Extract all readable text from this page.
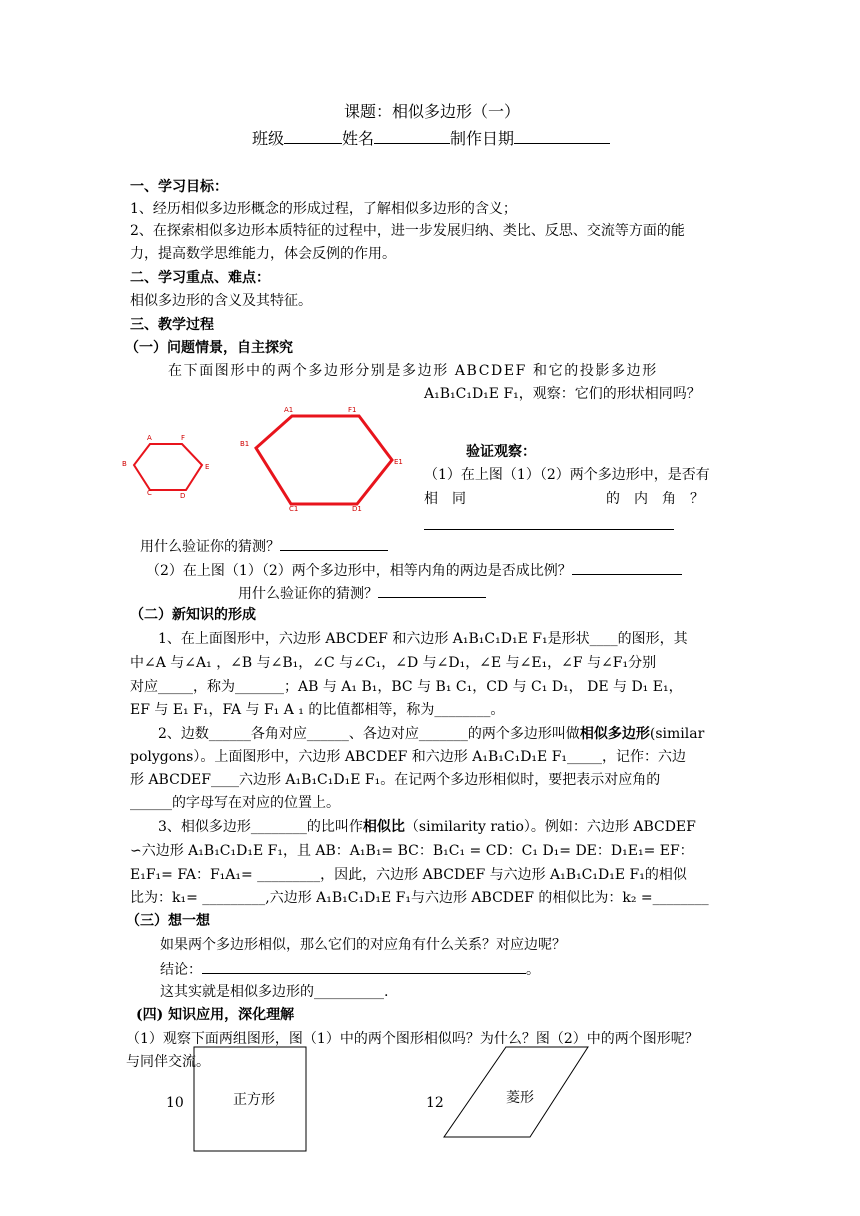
课题：相似多边形（一）
班级	姓名	制作日期
一、学习目标：
1、经历相似多边形概念的形成过程，了解相似多边形的含义；
2、在探索相似多边形本质特征的过程中，进一步发展归纳、类比、反思、交流等方面的能
力，提高数学思维能力，体会反例的作用。
二、学习重点、难点：
相似多边形的含义及其特征。
三、教学过程
（一）问题情景，自主探究
在下面图形中的两个多边形分别是多边形 ABCDEF 和它的投影多边形
A₁B₁C₁D₁E F₁，观察：它们的形状相同吗？
A	F
B	E
C	D
A1	F1
B1
E1
C1	D1
验证观察：
（1）在上图（1）（2）两个多边形中，是否有
相　同	的　内　角　？
用什么验证你的猜测？
（2）在上图（1）（2）两个多边形中，相等内角的两边是否成比例？
用什么验证你的猜测？
（二）新知识的形成
1、在上面图形中，六边形 ABCDEF 和六边形 A₁B₁C₁D₁E F₁是形状____的图形，其
中∠A 与∠A₁ ，∠B 与∠B₁，∠C 与∠C₁，∠D 与∠D₁，∠E 与∠E₁，∠F 与∠F₁分别
对应_____，称为_______；AB 与 A₁ B₁，BC 与 B₁ C₁，CD 与 C₁ D₁， DE 与 D₁ E₁，
EF 与 E₁ F₁，FA 与 F₁ A ₁ 的比值都相等，称为________。
2、边数______各角对应______、各边对应_______的两个多边形叫做相似多边形(similar
polygons）。上面图形中，六边形 ABCDEF 和六边形 A₁B₁C₁D₁E F₁_____，记作：六边
形 ABCDEF____六边形 A₁B₁C₁D₁E F₁。在记两个多边形相似时，要把表示对应角的
______的字母写在对应的位置上。
3、相似多边形________的比叫作相似比（similarity ratio）。例如：六边形 ABCDEF
∽六边形 A₁B₁C₁D₁E F₁，且 AB：A₁B₁= BC：B₁C₁ = CD：C₁ D₁= DE：D₁E₁= EF：
E₁F₁= FA：F₁A₁= _________，因此，六边形 ABCDEF 与六边形 A₁B₁C₁D₁E F₁的相似
比为：k₁= _________,六边形 A₁B₁C₁D₁E F₁与六边形 ABCDEF 的相似比为：k₂ =________
（三）想一想
如果两个多边形相似，那么它们的对应角有什么关系？对应边呢？
结论：	。
这其实就是相似多边形的__________.
(四) 知识应用，深化理解
（1）观察下面两组图形，图（1）中的两个图形相似吗？为什么？图（2）中的两个图形呢？
与同伴交流。
10	正方形	12	菱形
